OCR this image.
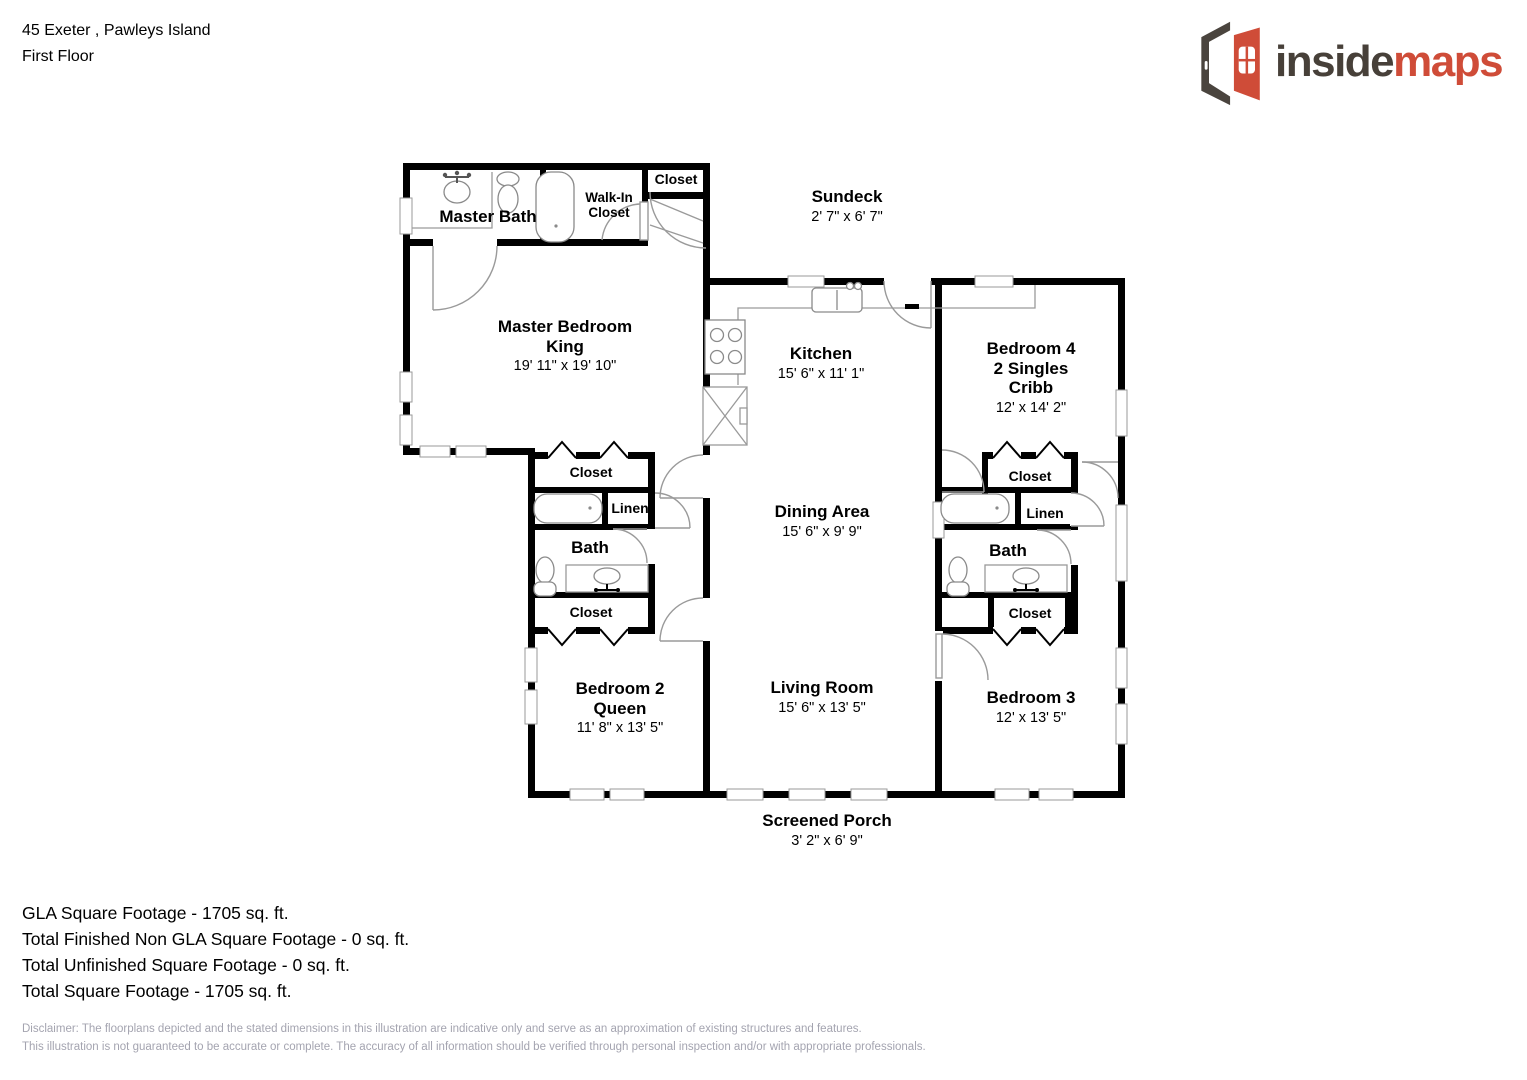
45 Exeter , Pawleys Island
First Floor	insidemaps
Master Bath
Walk-In
Closet
Closet
Sundeck
2' 7" x 6' 7"
Master Bedroom
King
19' 11" x 19' 10"
Kitchen
15' 6" x 11' 1"
Bedroom 4
2 Singles
Cribb
12' x 14' 2"
Closet
Linen
Bath
Closet
Dining Area
15' 6" x 9' 9"
Closet
Linen
Bath
Closet
Bedroom 2
Queen
11' 8" x 13' 5"
Living Room
15' 6" x 13' 5"
Bedroom 3
12' x 13' 5"
Screened Porch
3' 2" x 6' 9"
GLA Square Footage - 1705 sq. ft.
Total Finished Non GLA Square Footage - 0 sq. ft.
Total Unfinished Square Footage - 0 sq. ft.
Total Square Footage - 1705 sq. ft.
Disclaimer: The floorplans depicted and the stated dimensions in this illustration are indicative only and serve as an approximation of existing structures and features.
This illustration is not guaranteed to be accurate or complete. The accuracy of all information should be verified through personal inspection and/or with appropriate professionals.
